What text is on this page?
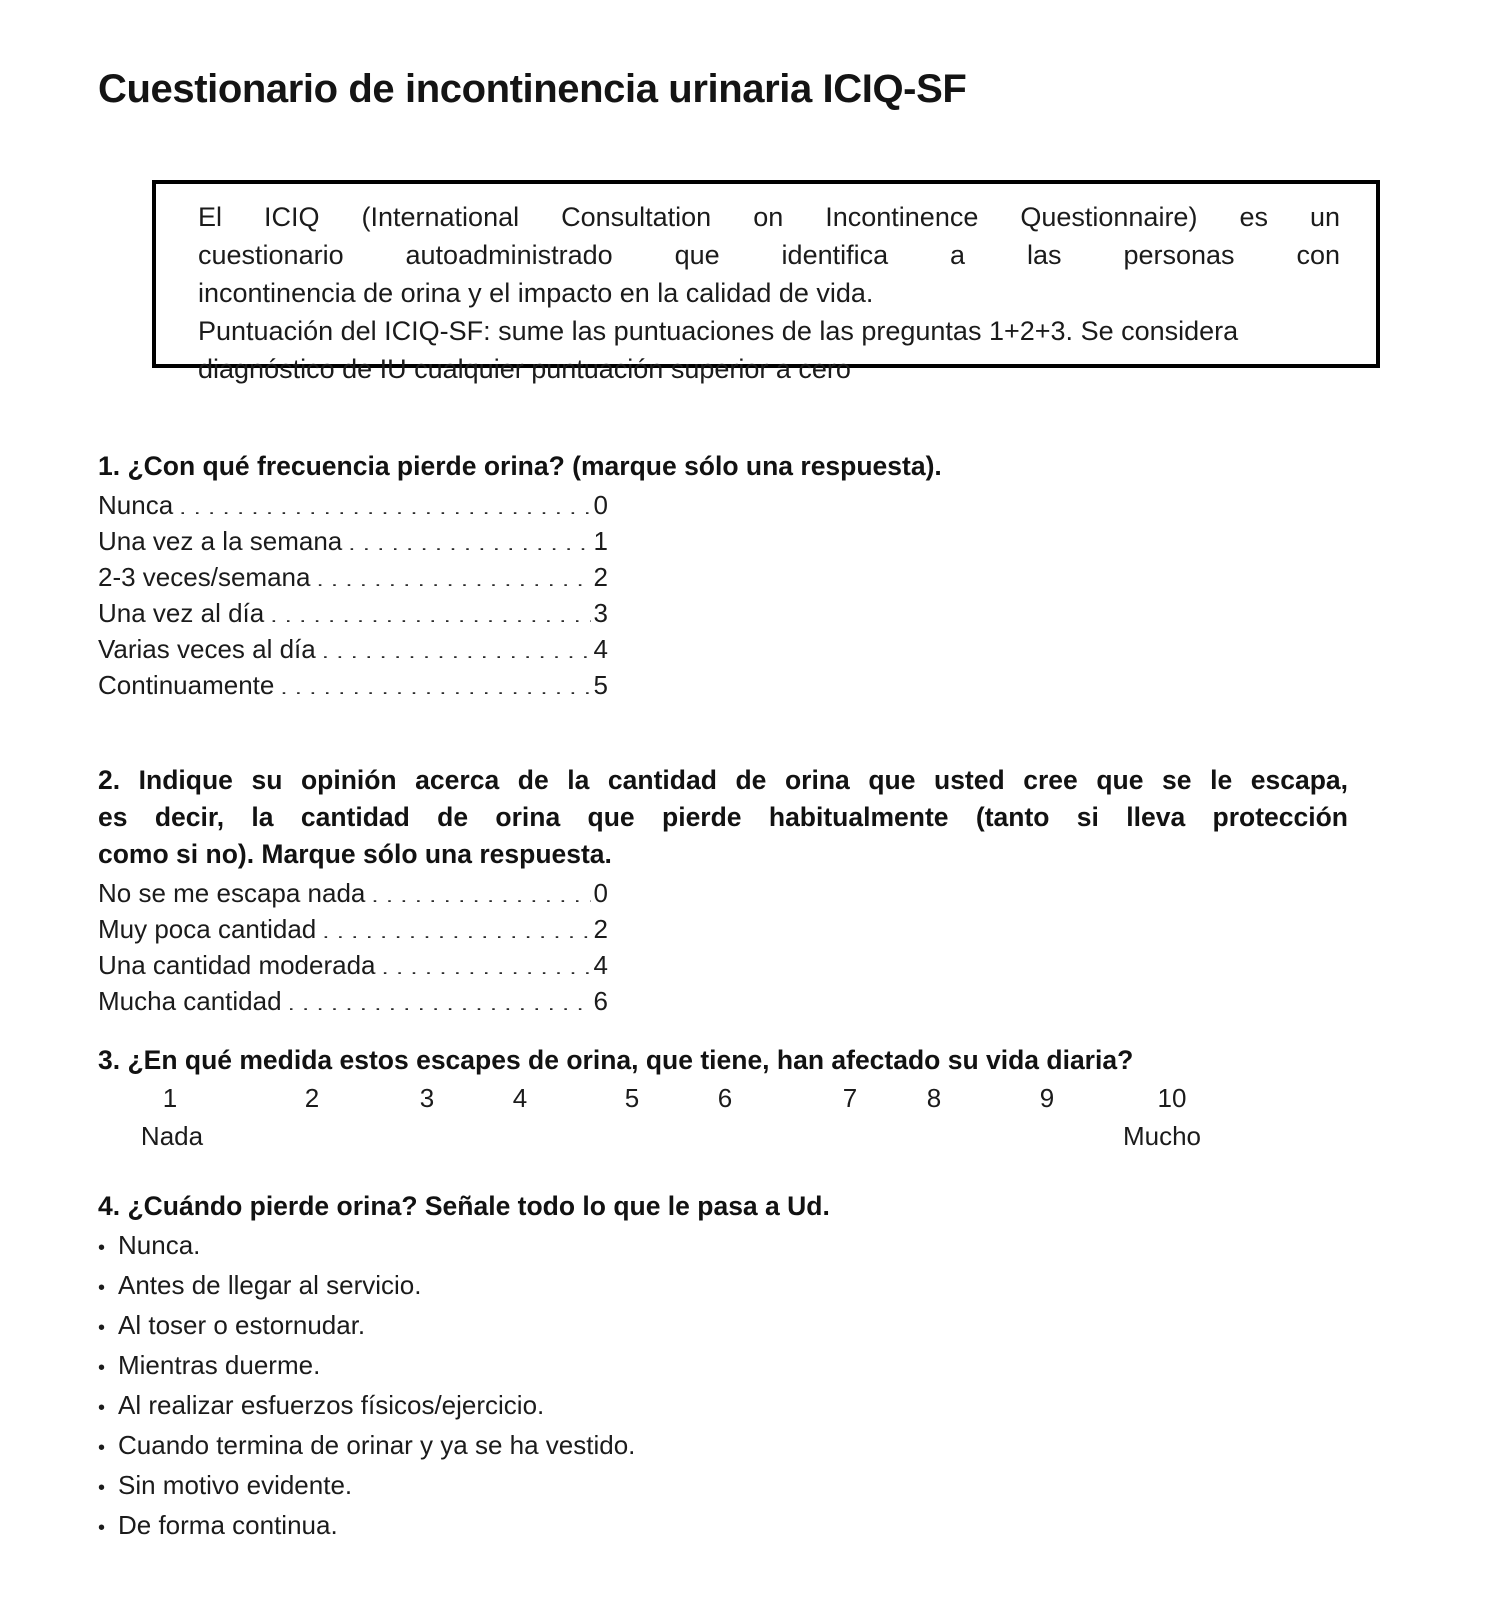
Cuestionario de incontinencia urinaria ICIQ-SF

El ICIQ (International Consultation on Incontinence Questionnaire) es un
cuestionario autoadministrado que identifica a las personas con
incontinencia de orina y el impacto en la calidad de vida.

Puntuación del ICIQ-SF: sume las puntuaciones de las preguntas 1+2+3. Se considera diagnóstico de IU cualquier puntuación superior a cero

1. ¿Con qué frecuencia pierde orina? (marque sólo una respuesta).

Nunca . . .	0
Una vez a la semana . . .	1
2-3 veces/semana . . .	2
Una vez al día . . .	3
Varias veces al día . . .	4
Continuamente . . .	5

2. Indique su opinión acerca de la cantidad de orina que usted cree que se le escapa,
es decir, la cantidad de orina que pierde habitualmente (tanto si lleva protección
como si no). Marque sólo una respuesta.

No se me escapa nada . . .	0
Muy poca cantidad . . .	2
Una cantidad moderada . . .	4
Mucha cantidad . . .	6

3. ¿En qué medida estos escapes de orina, que tiene, han afectado su vida diaria?

1	2	3	4	5	6	7	8	9	10
Nada	Mucho

4. ¿Cuándo pierde orina? Señale todo lo que le pasa a Ud.

• Nunca.
• Antes de llegar al servicio.
• Al toser o estornudar.
• Mientras duerme.
• Al realizar esfuerzos físicos/ejercicio.
• Cuando termina de orinar y ya se ha vestido.
• Sin motivo evidente.
• De forma continua.
